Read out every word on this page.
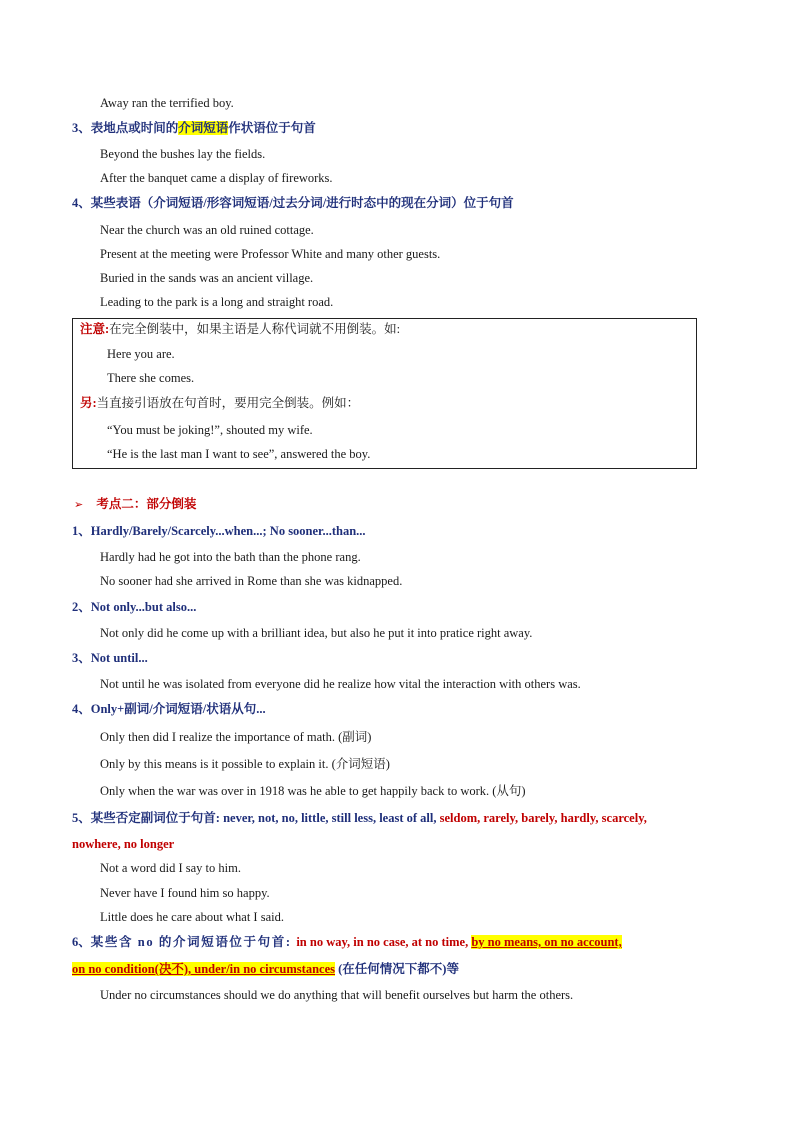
Away ran the terrified boy.
3、表地点或时间的介词短语作状语位于句首
Beyond the bushes lay the fields.
After the banquet came a display of fireworks.
4、某些表语（介词短语/形容词短语/过去分词/进行时态中的现在分词）位于句首
Near the church was an old ruined cottage.
Present at the meeting were Professor White and many other guests.
Buried in the sands was an ancient village.
Leading to the park is a long and straight road.
注意:在完全倒装中，如果主语是人称代词就不用倒装。如:
Here you are.
There she comes.
另:当直接引语放在句首时，要用完全倒装。例如：
“You must be joking!”, shouted my wife.
“He is the last man I want to see”, answered the boy.
➢ 考点二：部分倒装
1、Hardly/Barely/Scarcely...when...; No sooner...than...
Hardly had he got into the bath than the phone rang.
No sooner had she arrived in Rome than she was kidnapped.
2、Not only...but also...
Not only did he come up with a brilliant idea, but also he put it into pratice right away.
3、Not until...
Not until he was isolated from everyone did he realize how vital the interaction with others was.
4、Only+副词/介词短语/状语从句...
Only then did I realize the importance of math. (副词)
Only by this means is it possible to explain it. (介词短语)
Only when the war was over in 1918 was he able to get happily back to work. (从句)
5、某些否定副词位于句首: never, not, no, little, still less, least of all, seldom, rarely, barely, hardly, scarcely,
nowhere, no longer
Not a word did I say to him.
Never have I found him so happy.
Little does he care about what I said.
6、某些含 no 的介词短语位于句首: in no way, in no case, at no time, by no means, on no account,
on no condition(决不), under/in no circumstances (在任何情况下都不)等
Under no circumstances should we do anything that will benefit ourselves but harm the others.
